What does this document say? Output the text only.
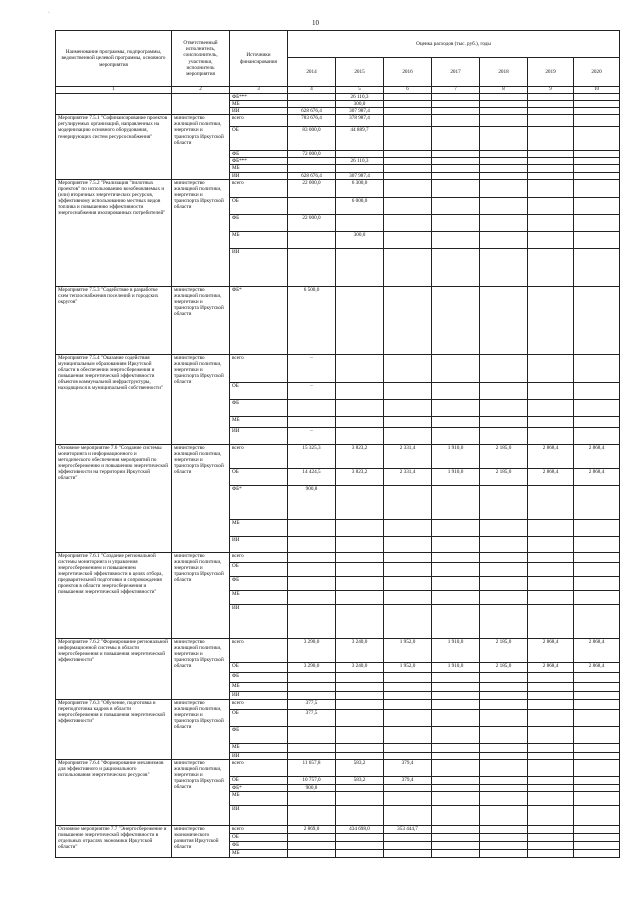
·
10
Наименование программы, подпрограммы, ведомственной целевой программы, основного мероприятия	Ответственный исполнитель, соисполнитель, участники, исполнитель мероприятия	Источники финансирования	Оценка расходов (тыс. руб.), годы						
			2014	2015	2016	2017	2018	2019	2020
1	2	3	4	5	6	7	8	9	10
		ФБ***		26 110,3					
		МБ		300,0					
		ИИ	628 676,4	307 987,4					
Мероприятие 7.5.1 "Софинансирование проектов регулируемых организаций, направленных на модернизацию основного оборудования, генерирующих систем ресурсоснабжения"	министерство жилищной политики, энергетики и транспорта Иркутской области	всего	783 676,4	378 987,4					
		ОБ	83 000,0	44 889,7					
		ФБ	72 000,0						
		ФБ***		26 110,3					
		МБ							
		ИИ	628 676,4	307 987,4					
Мероприятие 7.5.2 "Реализация "пилотных проектов" по использованию возобновляемых и (или) вторичных энергетических ресурсов, эффективному использованию местных видов топлива и повышению эффективности энергоснабжения изолированных потребителей"	министерство жилищной политики, энергетики и транспорта Иркутской области	всего	22 000,0	6 300,0					
		ОБ		6 000,0					
		ФБ	22 000,0						
		МБ		300,0					
		ИИ							
Мероприятие 7.5.3 "Содействие в разработке схем теплоснабжения поселений и городских округов"	министерство жилищной политики, энергетики и транспорта Иркутской области	ФБ*	6 500,0						
Мероприятие 7.5.4 "Оказание содействия муниципальным образованиям Иркутской области в обеспечении энергосбережения и повышения энергетической эффективности объектов коммунальной инфраструктуры, находящихся в муниципальной собственности"	министерство жилищной политики, энергетики и транспорта Иркутской области	всего	–						
		ОБ	–						
		ФБ							
		МБ							
		ИИ	–						
Основное мероприятие 7.6 "Создание системы мониторинга и информационного и методического обеспечения мероприятий по энергосбережению и повышению энергетической эффективности на территории Иркутской области"	министерство жилищной политики, энергетики и транспорта Иркутской области	всего	15 325,3	3 823,2	2 331,4	1 910,0	2 185,0	2 868,4	2 868,4
		ОБ	14 424,5	3 823,2	2 331,4	1 910,0	2 185,0	2 868,4	2 868,4
		ФБ*	900,8						
		МБ							
		ИИ							
Мероприятие 7.6.1 "Создание региональной системы мониторинга и управления энергосбережением и повышением энергетической эффективности в целях отбора, предварительной подготовки и сопровождения проектов в области энергосбережения и повышения энергетической эффективности"	министерство жилищной политики, энергетики и транспорта Иркутской области	всего							
		ОБ							
		ФБ							
		МБ							
		ИИ							
Мероприятие 7.6.2 "Формирование региональной информационной системы в области энергосбережения и повышения энергетической эффективности"	министерство жилищной политики, энергетики и транспорта Иркутской области	всего	3 290,0	3 240,0	1 952,0	1 910,0	2 185,0	2 868,4	2 868,4
		ОБ	3 290,0	3 240,0	1 952,0	1 910,0	2 185,0	2 868,4	2 868,4
		ФБ							
		МБ							
		ИИ							
Мероприятие 7.6.3 "Обучение, подготовка и переподготовка кадров в области энергосбережения и повышения энергетической эффективности"	министерство жилищной политики, энергетики и транспорта Иркутской области	всего	377,5						
		ОБ	377,5						
		ФБ							
		МБ							
		ИИ							
Мероприятие 7.6.4 "Формирование механизмов для эффективного и рационального использования энергетических ресурсов"	министерство жилищной политики, энергетики и транспорта Иркутской области	всего	11 657,8	583,2	379,4				
		ОБ	10 757,0	583,2	379,4				
		ФБ*	900,8						
		МБ							
		ИИ							
Основное мероприятие 7.7 "Энергосбережение и повышение энергетической эффективности в отдельных отраслях экономики Иркутской области"	министерство экономического развития Иркутской области	всего	2 869,0	434 698,0	353 444,7				
		ОБ							
		ФБ							
		МБ							
